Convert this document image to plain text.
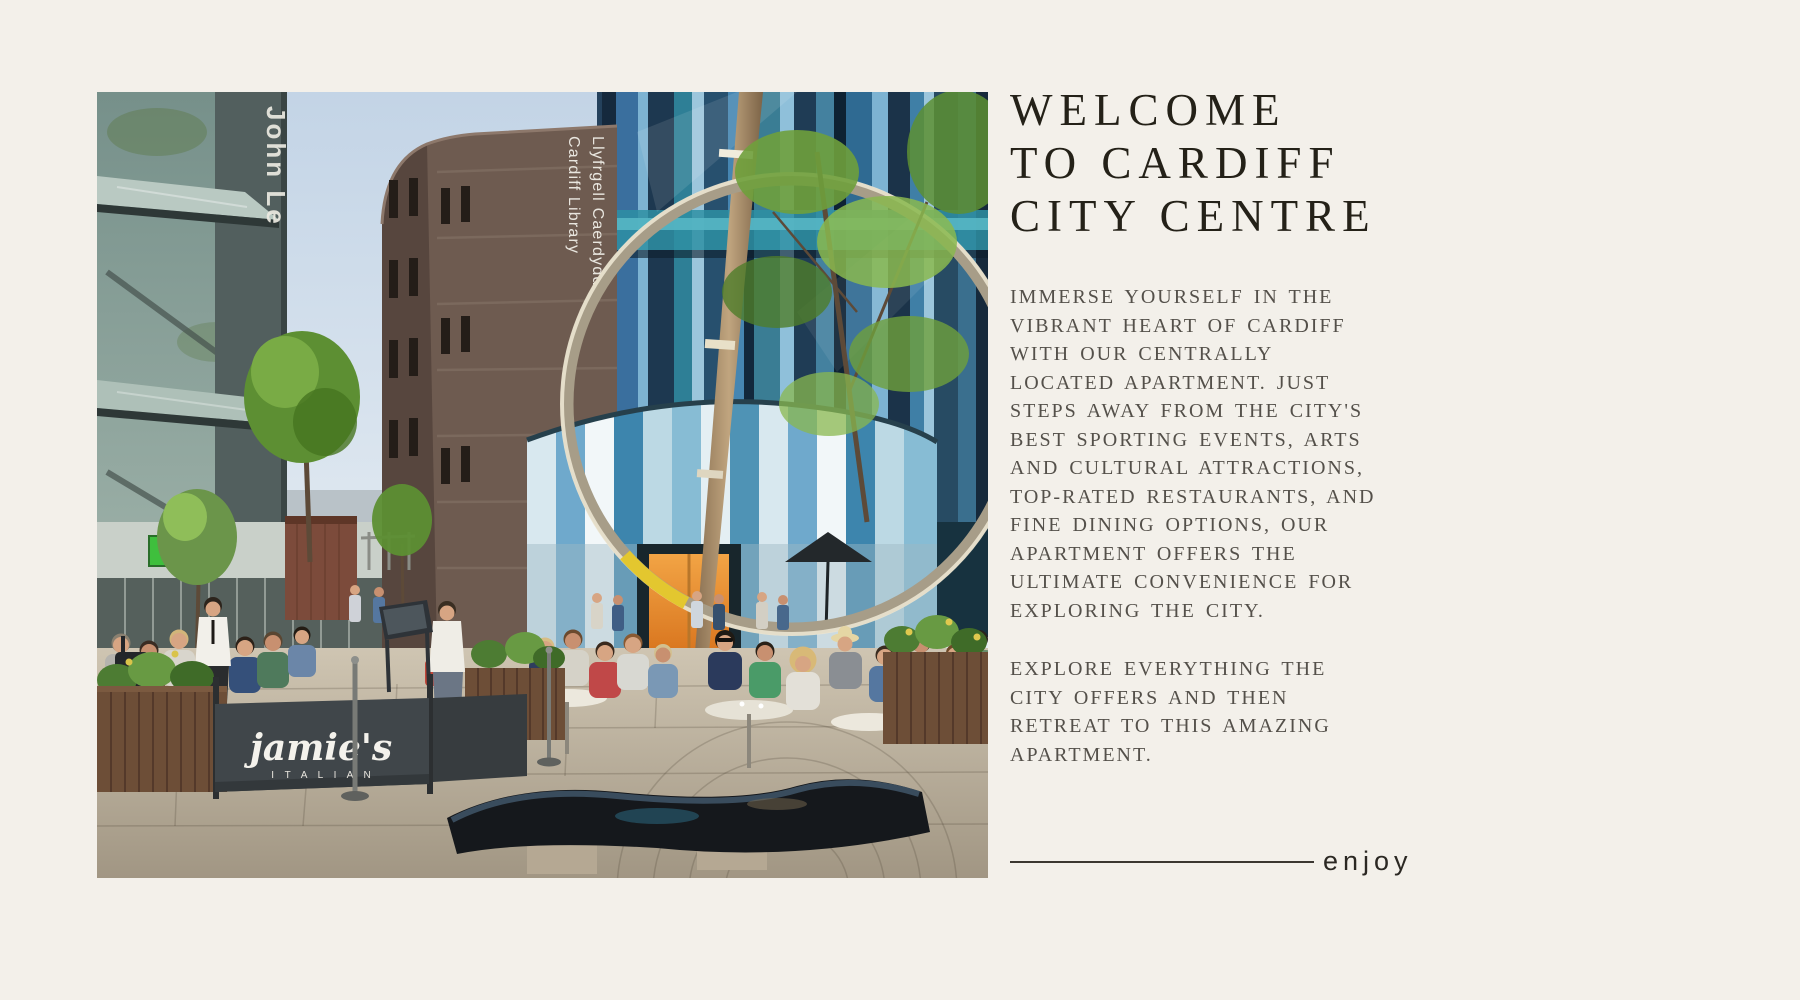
Cardiff Library Llyfrgell Caerdydd
John Le
jamie's
I T A L I A N
WELCOME
TO CARDIFF
CITY CENTRE

IMMERSE YOURSELF IN THE VIBRANT HEART OF CARDIFF WITH OUR CENTRALLY LOCATED APARTMENT. JUST STEPS AWAY FROM THE CITY'S BEST SPORTING EVENTS, ARTS AND CULTURAL ATTRACTIONS, TOP-RATED RESTAURANTS, AND FINE DINING OPTIONS, OUR APARTMENT OFFERS THE ULTIMATE CONVENIENCE FOR EXPLORING THE CITY.

EXPLORE EVERYTHING THE CITY OFFERS AND THEN RETREAT TO THIS AMAZING APARTMENT.

enjoy
